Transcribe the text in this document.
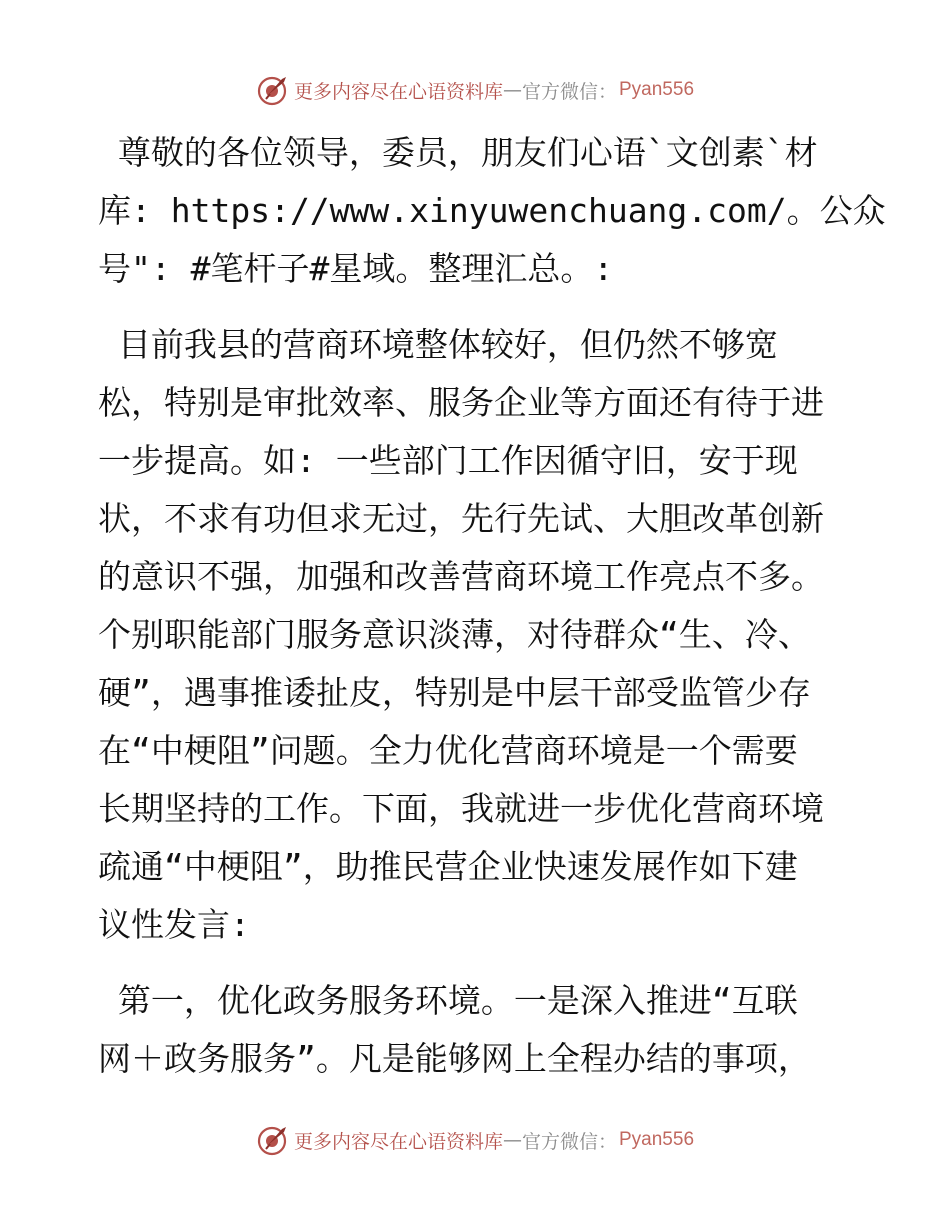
更多内容尽在心语资料库 — 官方微信： Pyan556
尊敬的各位领导，委员，朋友们心语`文创素`材
库: https://www.xinyuwenchuang.com/。公众
号": #笔杆子#星域。整理汇总。:
目前我县的营商环境整体较好，但仍然不够宽
松，特别是审批效率、服务企业等方面还有待于进
一步提高。如: 一些部门工作因循守旧，安于现
状，不求有功但求无过，先行先试、大胆改革创新
的意识不强，加强和改善营商环境工作亮点不多。
个别职能部门服务意识淡薄，对待群众“生、冷、
硬”，遇事推诿扯皮，特别是中层干部受监管少存
在“中梗阻”问题。全力优化营商环境是一个需要
长期坚持的工作。下面，我就进一步优化营商环境
疏通“中梗阻”，助推民营企业快速发展作如下建
议性发言:
第一，优化政务服务环境。一是深入推进“互联
网＋政务服务”。凡是能够网上全程办结的事项，
更多内容尽在心语资料库 — 官方微信： Pyan556
